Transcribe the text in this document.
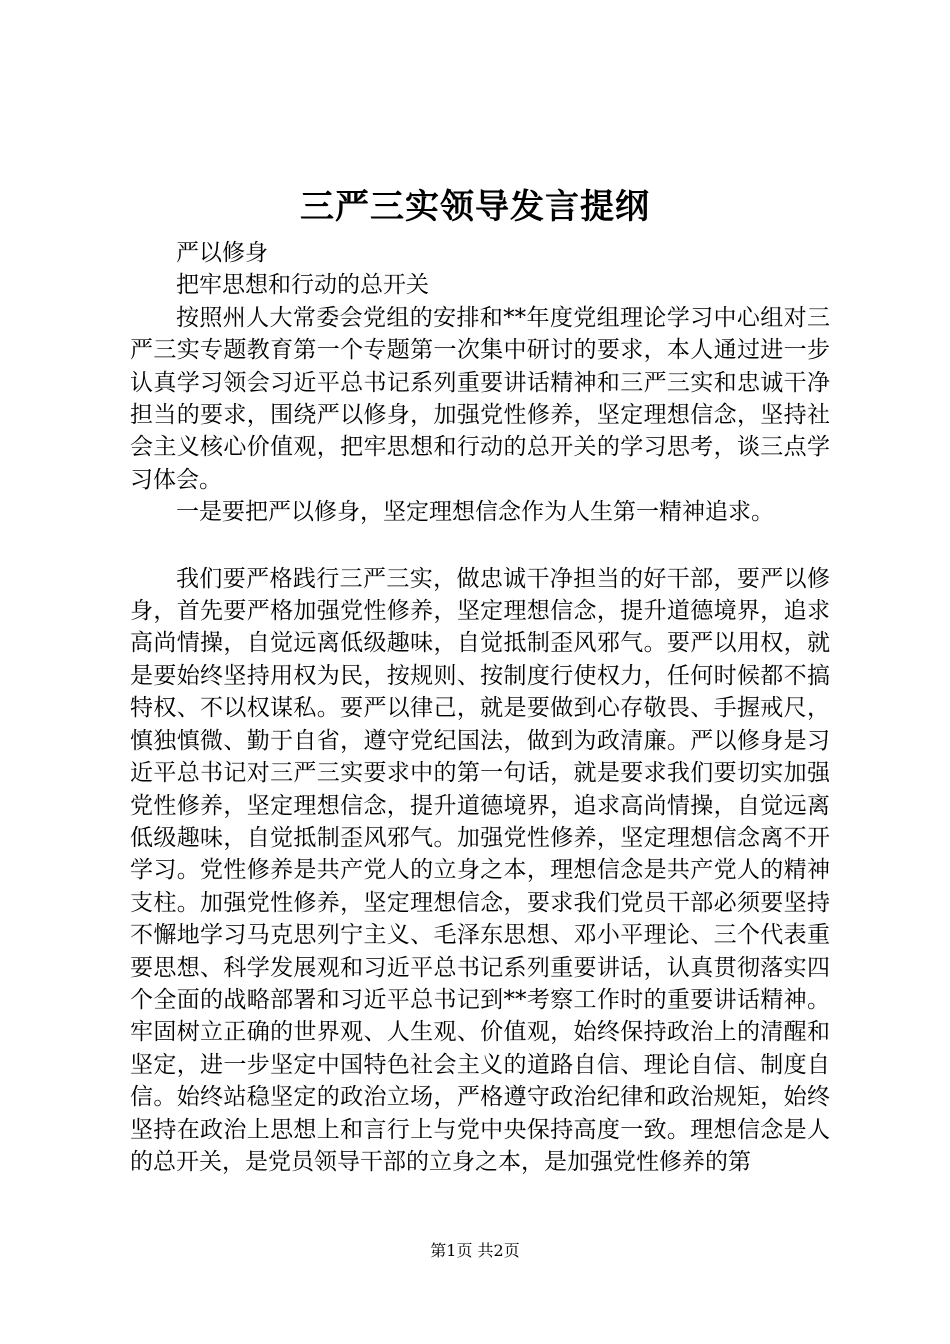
三严三实领导发言提纲

严以修身

把牢思想和行动的总开关

按照州人大常委会党组的安排和**年度党组理论学习中心组对三严三实专题教育第一个专题第一次集中研讨的要求，本人通过进一步认真学习领会习近平总书记系列重要讲话精神和三严三实和忠诚干净担当的要求，围绕严以修身，加强党性修养，坚定理想信念，坚持社会主义核心价值观，把牢思想和行动的总开关的学习思考，谈三点学习体会。

一是要把严以修身，坚定理想信念作为人生第一精神追求。

我们要严格践行三严三实，做忠诚干净担当的好干部，要严以修身，首先要严格加强党性修养，坚定理想信念，提升道德境界，追求高尚情操，自觉远离低级趣味，自觉抵制歪风邪气。要严以用权，就是要始终坚持用权为民，按规则、按制度行使权力，任何时候都不搞特权、不以权谋私。要严以律己，就是要做到心存敬畏、手握戒尺，慎独慎微、勤于自省，遵守党纪国法，做到为政清廉。严以修身是习近平总书记对三严三实要求中的第一句话，就是要求我们要切实加强党性修养，坚定理想信念，提升道德境界，追求高尚情操，自觉远离低级趣味，自觉抵制歪风邪气。加强党性修养，坚定理想信念离不开学习。党性修养是共产党人的立身之本，理想信念是共产党人的精神支柱。加强党性修养，坚定理想信念，要求我们党员干部必须要坚持不懈地学习马克思列宁主义、毛泽东思想、邓小平理论、三个代表重要思想、科学发展观和习近平总书记系列重要讲话，认真贯彻落实四个全面的战略部署和习近平总书记到**考察工作时的重要讲话精神。牢固树立正确的世界观、人生观、价值观，始终保持政治上的清醒和坚定，进一步坚定中国特色社会主义的道路自信、理论自信、制度自信。始终站稳坚定的政治立场，严格遵守政治纪律和政治规矩，始终坚持在政治上思想上和言行上与党中央保持高度一致。理想信念是人的总开关，是党员领导干部的立身之本，是加强党性修养的第

第1页 共2页
